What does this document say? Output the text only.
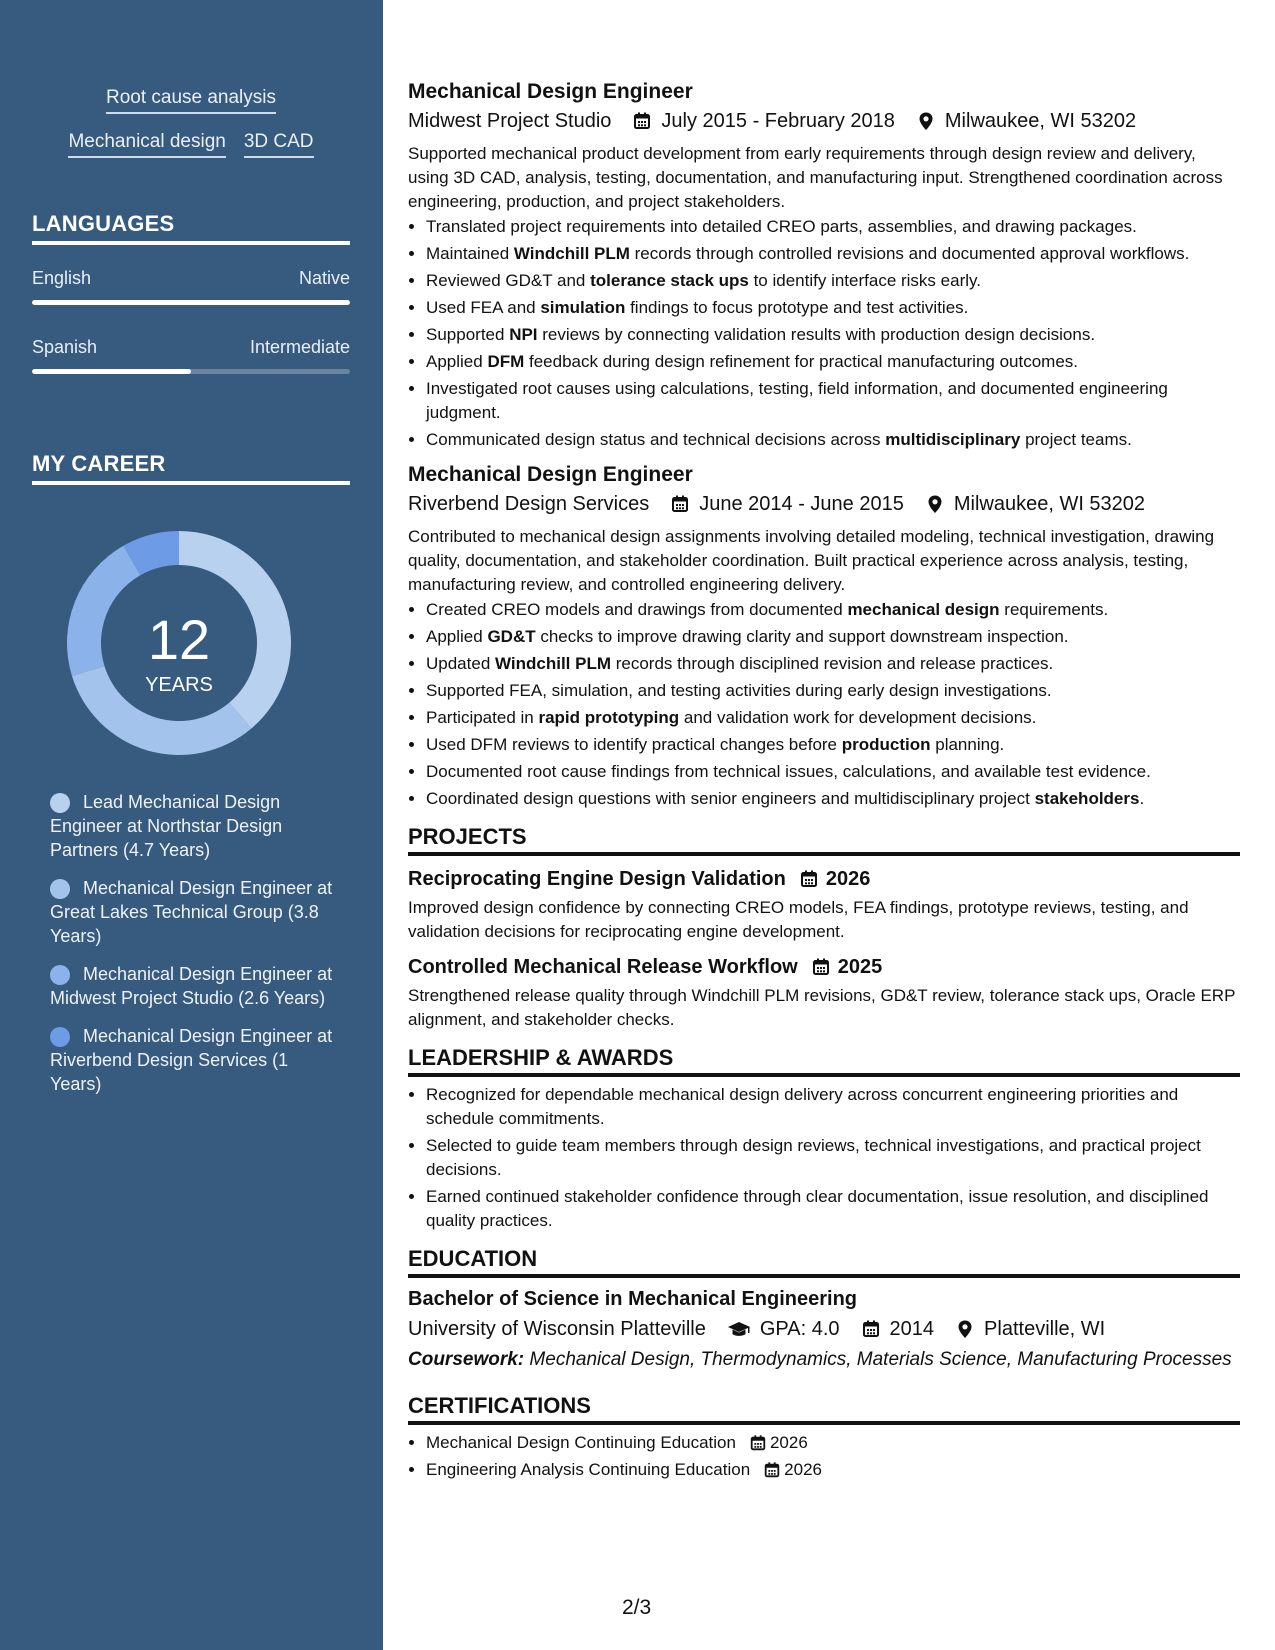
Root cause analysis
Mechanical design 3D CAD
LANGUAGES
English	Native
Spanish	Intermediate
MY CAREER
12
YEARS
Lead Mechanical Design Engineer at Northstar Design Partners (4.7 Years)
Mechanical Design Engineer at Great Lakes Technical Group (3.8 Years)
Mechanical Design Engineer at Midwest Project Studio (2.6 Years)
Mechanical Design Engineer at Riverbend Design Services (1 Years)
Mechanical Design Engineer
Midwest Project Studio	July 2015 - February 2018	Milwaukee, WI 53202
Supported mechanical product development from early requirements through design review and delivery, using 3D CAD, analysis, testing, documentation, and manufacturing input. Strengthened coordination across engineering, production, and project stakeholders.
• Translated project requirements into detailed CREO parts, assemblies, and drawing packages.
• Maintained Windchill PLM records through controlled revisions and documented approval workflows.
• Reviewed GD&T and tolerance stack ups to identify interface risks early.
• Used FEA and simulation findings to focus prototype and test activities.
• Supported NPI reviews by connecting validation results with production design decisions.
• Applied DFM feedback during design refinement for practical manufacturing outcomes.
• Investigated root causes using calculations, testing, field information, and documented engineering judgment.
• Communicated design status and technical decisions across multidisciplinary project teams.
Mechanical Design Engineer
Riverbend Design Services	June 2014 - June 2015	Milwaukee, WI 53202
Contributed to mechanical design assignments involving detailed modeling, technical investigation, drawing quality, documentation, and stakeholder coordination. Built practical experience across analysis, testing, manufacturing review, and controlled engineering delivery.
• Created CREO models and drawings from documented mechanical design requirements.
• Applied GD&T checks to improve drawing clarity and support downstream inspection.
• Updated Windchill PLM records through disciplined revision and release practices.
• Supported FEA, simulation, and testing activities during early design investigations.
• Participated in rapid prototyping and validation work for development decisions.
• Used DFM reviews to identify practical changes before production planning.
• Documented root cause findings from technical issues, calculations, and available test evidence.
• Coordinated design questions with senior engineers and multidisciplinary project stakeholders.
PROJECTS
Reciprocating Engine Design Validation 2026
Improved design confidence by connecting CREO models, FEA findings, prototype reviews, testing, and validation decisions for reciprocating engine development.
Controlled Mechanical Release Workflow 2025
Strengthened release quality through Windchill PLM revisions, GD&T review, tolerance stack ups, Oracle ERP alignment, and stakeholder checks.
LEADERSHIP & AWARDS
• Recognized for dependable mechanical design delivery across concurrent engineering priorities and schedule commitments.
• Selected to guide team members through design reviews, technical investigations, and practical project decisions.
• Earned continued stakeholder confidence through clear documentation, issue resolution, and disciplined quality practices.
EDUCATION
Bachelor of Science in Mechanical Engineering
University of Wisconsin Platteville	GPA: 4.0	2014	Platteville, WI
Coursework: Mechanical Design, Thermodynamics, Materials Science, Manufacturing Processes
CERTIFICATIONS
• Mechanical Design Continuing Education 2026
• Engineering Analysis Continuing Education 2026
2/3
